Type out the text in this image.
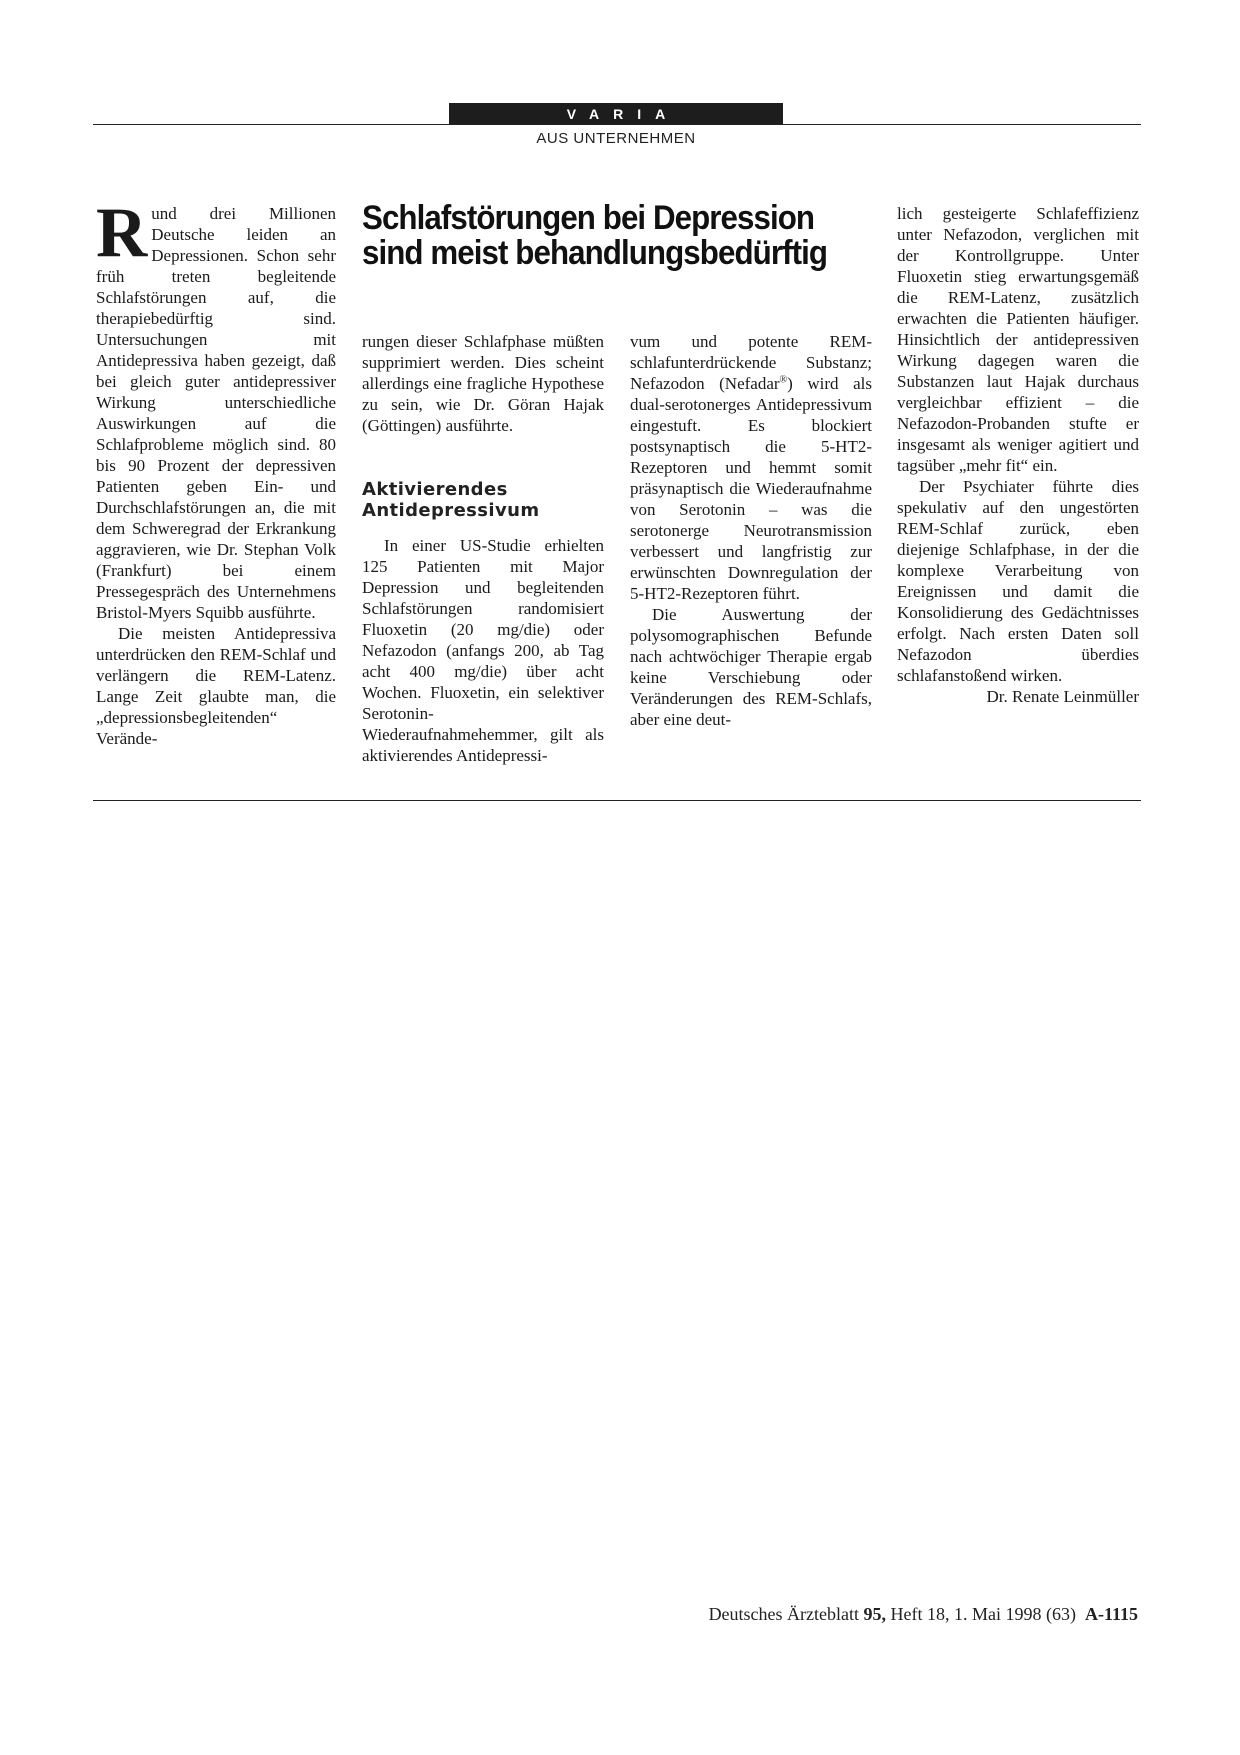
VARIA
AUS UNTERNEHMEN

Rund drei Millionen Deutsche leiden an Depressionen. Schon sehr früh treten begleitende Schlafstörungen auf, die therapiebedürftig sind. Untersuchungen mit Antidepressiva haben gezeigt, daß bei gleich guter antidepressiver Wirkung unterschiedliche Auswirkungen auf die Schlafprobleme möglich sind. 80 bis 90 Prozent der depressiven Patienten geben Ein- und Durchschlafstörungen an, die mit dem Schweregrad der Erkrankung aggravieren, wie Dr. Stephan Volk (Frankfurt) bei einem Pressegespräch des Unternehmens Bristol-Myers Squibb ausführte.

Die meisten Antidepressiva unterdrücken den REM-Schlaf und verlängern die REM-Latenz. Lange Zeit glaubte man, die „depressionsbegleitenden“ Verände-

Schlafstörungen bei Depression sind meist behandlungsbedürftig

rungen dieser Schlafphase müßten supprimiert werden. Dies scheint allerdings eine fragliche Hypothese zu sein, wie Dr. Göran Hajak (Göttingen) ausführte.

Aktivierendes Antidepressivum

In einer US-Studie erhielten 125 Patienten mit Major Depression und begleitenden Schlafstörungen randomisiert Fluoxetin (20 mg/die) oder Nefazodon (anfangs 200, ab Tag acht 400 mg/die) über acht Wochen. Fluoxetin, ein selektiver Serotonin-Wiederaufnahmehemmer, gilt als aktivierendes Antidepressi-

vum und potente REM-schlafunterdrückende Substanz; Nefazodon (Nefadar®) wird als dual-serotonerges Antidepressivum eingestuft. Es blockiert postsynaptisch die 5-HT2-Rezeptoren und hemmt somit präsynaptisch die Wiederaufnahme von Serotonin – was die serotonerge Neurotransmission verbessert und langfristig zur erwünschten Downregulation der 5-HT2-Rezeptoren führt.

Die Auswertung der polysomographischen Befunde nach achtwöchiger Therapie ergab keine Verschiebung oder Veränderungen des REM-Schlafs, aber eine deut-

lich gesteigerte Schlafeffizienz unter Nefazodon, verglichen mit der Kontrollgruppe. Unter Fluoxetin stieg erwartungsgemäß die REM-Latenz, zusätzlich erwachten die Patienten häufiger. Hinsichtlich der antidepressiven Wirkung dagegen waren die Substanzen laut Hajak durchaus vergleichbar effizient – die Nefazodon-Probanden stufte er insgesamt als weniger agitiert und tagsüber „mehr fit“ ein.

Der Psychiater führte dies spekulativ auf den ungestörten REM-Schlaf zurück, eben diejenige Schlafphase, in der die komplexe Verarbeitung von Ereignissen und damit die Konsolidierung des Gedächtnisses erfolgt. Nach ersten Daten soll Nefazodon überdies schlafanstoßend wirken.

Dr. Renate Leinmüller

Deutsches Ärzteblatt 95, Heft 18, 1. Mai 1998 (63) A-1115
